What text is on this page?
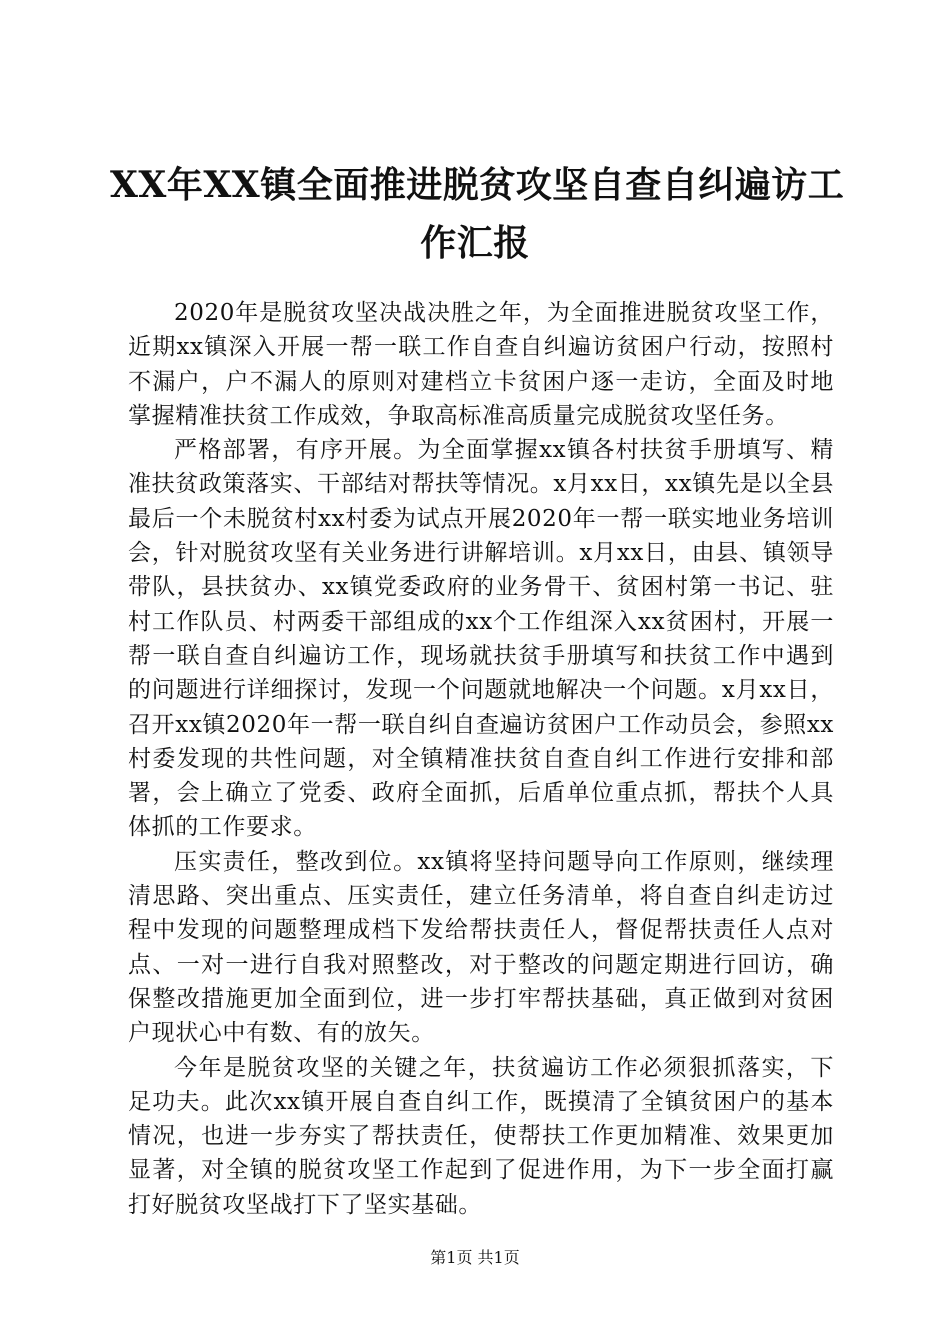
XX年XX镇全面推进脱贫攻坚自查自纠遍访工
作汇报

2020年是脱贫攻坚决战决胜之年，为全面推进脱贫攻坚工作，近期xx镇深入开展一帮一联工作自查自纠遍访贫困户行动，按照村不漏户，户不漏人的原则对建档立卡贫困户逐一走访，全面及时地掌握精准扶贫工作成效，争取高标准高质量完成脱贫攻坚任务。

严格部署，有序开展。为全面掌握xx镇各村扶贫手册填写、精准扶贫政策落实、干部结对帮扶等情况。x月xx日，xx镇先是以全县最后一个未脱贫村xx村委为试点开展2020年一帮一联实地业务培训会，针对脱贫攻坚有关业务进行讲解培训。x月xx日，由县、镇领导带队，县扶贫办、xx镇党委政府的业务骨干、贫困村第一书记、驻村工作队员、村两委干部组成的xx个工作组深入xx贫困村，开展一帮一联自查自纠遍访工作，现场就扶贫手册填写和扶贫工作中遇到的问题进行详细探讨，发现一个问题就地解决一个问题。x月xx日，召开xx镇2020年一帮一联自纠自查遍访贫困户工作动员会，参照xx村委发现的共性问题，对全镇精准扶贫自查自纠工作进行安排和部署，会上确立了党委、政府全面抓，后盾单位重点抓，帮扶个人具体抓的工作要求。

压实责任，整改到位。xx镇将坚持问题导向工作原则，继续理清思路、突出重点、压实责任，建立任务清单，将自查自纠走访过程中发现的问题整理成档下发给帮扶责任人，督促帮扶责任人点对点、一对一进行自我对照整改，对于整改的问题定期进行回访，确保整改措施更加全面到位，进一步打牢帮扶基础，真正做到对贫困户现状心中有数、有的放矢。

今年是脱贫攻坚的关键之年，扶贫遍访工作必须狠抓落实，下足功夫。此次xx镇开展自查自纠工作，既摸清了全镇贫困户的基本情况，也进一步夯实了帮扶责任，使帮扶工作更加精准、效果更加显著，对全镇的脱贫攻坚工作起到了促进作用，为下一步全面打赢打好脱贫攻坚战打下了坚实基础。

第1页 共1页
